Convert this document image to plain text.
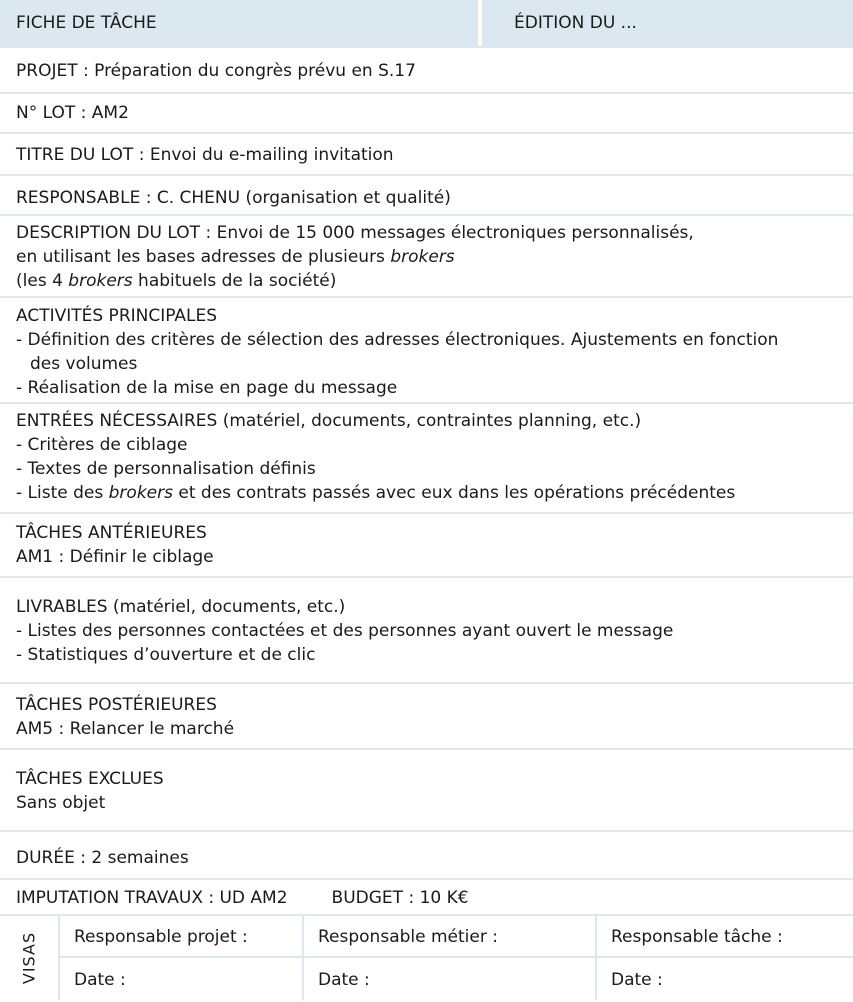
FICHE DE TÂCHE	ÉDITION DU ...
PROJET : Préparation du congrès prévu en S.17
N° LOT : AM2
TITRE DU LOT : Envoi du e-mailing invitation
RESPONSABLE : C. CHENU (organisation et qualité)
DESCRIPTION DU LOT : Envoi de 15 000 messages électroniques personnalisés,
en utilisant les bases adresses de plusieurs brokers
(les 4 brokers habituels de la société)
ACTIVITÉS PRINCIPALES
- Définition des critères de sélection des adresses électroniques. Ajustements en fonction
des volumes
- Réalisation de la mise en page du message
ENTRÉES NÉCESSAIRES (matériel, documents, contraintes planning, etc.)
- Critères de ciblage
- Textes de personnalisation définis
- Liste des brokers et des contrats passés avec eux dans les opérations précédentes
TÂCHES ANTÉRIEURES
AM1 : Définir le ciblage
LIVRABLES (matériel, documents, etc.)
- Listes des personnes contactées et des personnes ayant ouvert le message
- Statistiques d’ouverture et de clic
TÂCHES POSTÉRIEURES
AM5 : Relancer le marché
TÂCHES EXCLUES
Sans objet
DURÉE : 2 semaines
IMPUTATION TRAVAUX : UD AM2	BUDGET : 10 K€
VISAS	Responsable projet :	Responsable métier :	Responsable tâche :
Date :	Date :	Date :
